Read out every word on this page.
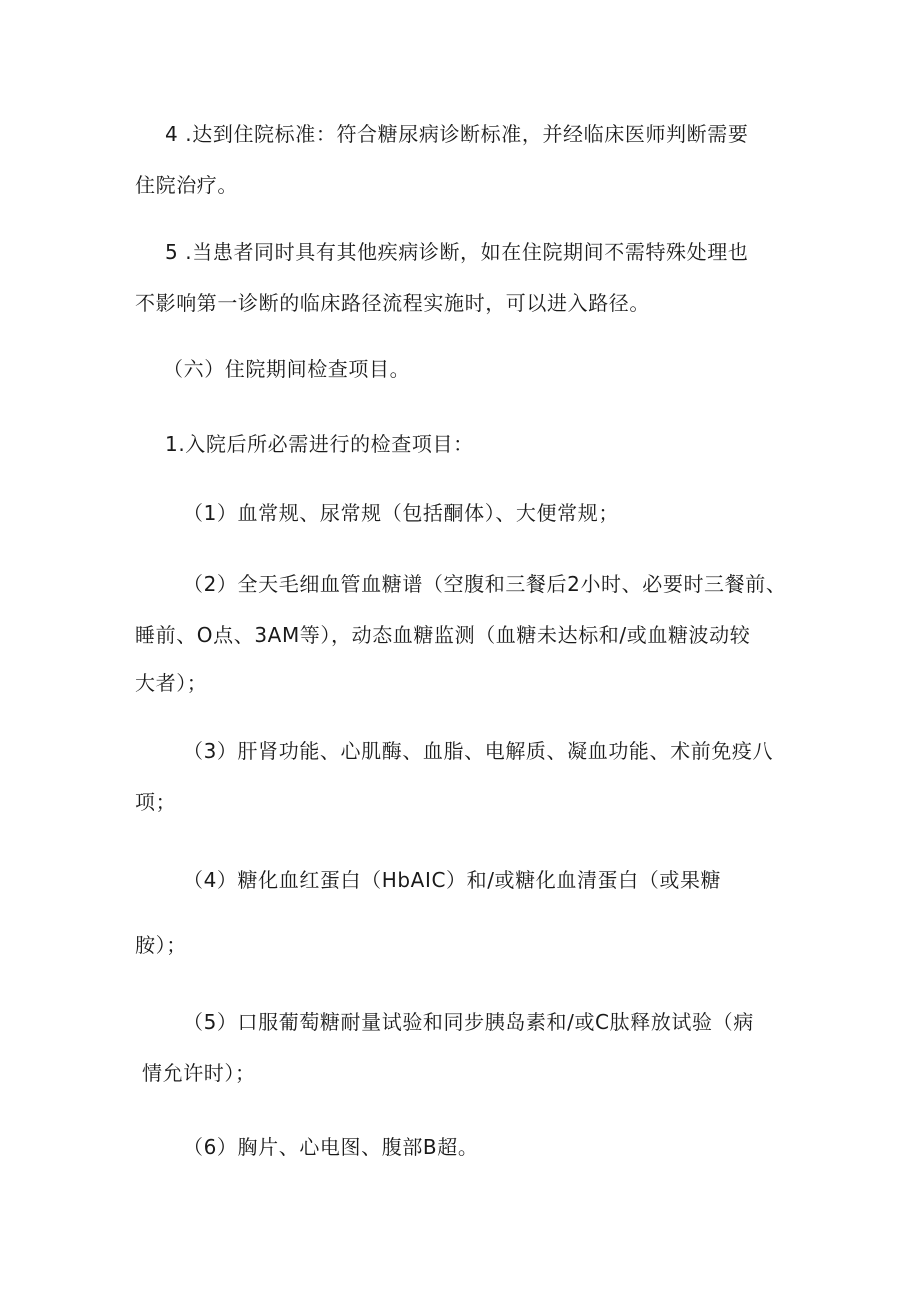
4 .达到住院标准：符合糖尿病诊断标准，并经临床医师判断需要
住院治疗。
5 .当患者同时具有其他疾病诊断，如在住院期间不需特殊处理也
不影响第一诊断的临床路径流程实施时，可以进入路径。
（六）住院期间检查项目。
1.入院后所必需进行的检查项目：
（1）血常规、尿常规（包括酮体）、大便常规；
（2）全天毛细血管血糖谱（空腹和三餐后2小时、必要时三餐前、
睡前、O点、3AM等），动态血糖监测（血糖未达标和/或血糖波动较
大者）；
（3）肝肾功能、心肌酶、血脂、电解质、凝血功能、术前免疫八
项；
（4）糖化血红蛋白（HbAIC）和/或糖化血清蛋白（或果糖
胺）；
（5）口服葡萄糖耐量试验和同步胰岛素和/或C肽释放试验（病
情允许时）；
（6）胸片、心电图、腹部B超。
